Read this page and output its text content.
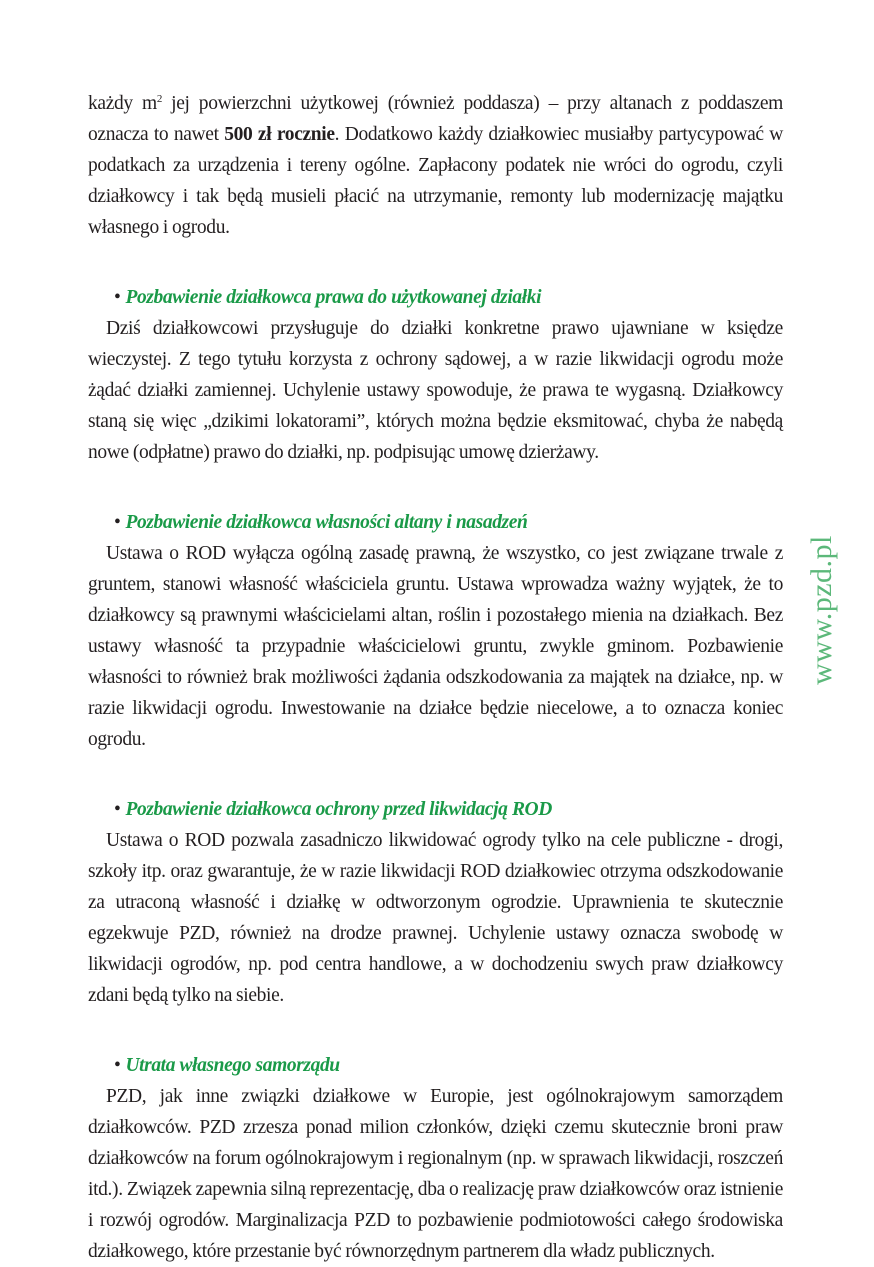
każdy $m^2$ jej powierzchni użytkowej (również poddasza) – przy altanach z poddaszem oznacza to nawet 500 zł rocznie. Dodatkowo każdy działkowiec musiałby partycypować w podatkach za urządzenia i tereny ogólne. Zapłacony podatek nie wróci do ogrodu, czyli działkowcy i tak będą musieli płacić na utrzymanie, remonty lub modernizację majątku własnego i ogrodu.

• Pozbawienie działkowca prawa do użytkowanej działki

Dziś działkowcowi przysługuje do działki konkretne prawo ujawniane w księdze wieczystej. Z tego tytułu korzysta z ochrony sądowej, a w razie likwidacji ogrodu może żądać działki zamiennej. Uchylenie ustawy spowoduje, że prawa te wygasną. Działkowcy staną się więc „dzikimi lokatorami”, których można będzie eksmitować, chyba że nabędą nowe (odpłatne) prawo do działki, np. podpisując umowę dzierżawy.

• Pozbawienie działkowca własności altany i nasadzeń

Ustawa o ROD wyłącza ogólną zasadę prawną, że wszystko, co jest związane trwale z gruntem, stanowi własność właściciela gruntu. Ustawa wprowadza ważny wyjątek, że to działkowcy są prawnymi właścicielami altan, roślin i pozostałego mienia na działkach. Bez ustawy własność ta przypadnie właścicielowi gruntu, zwykle gminom. Pozbawienie własności to również brak możliwości żądania odszkodowania za majątek na działce, np. w razie likwidacji ogrodu. Inwestowanie na działce będzie niecelowe, a to oznacza koniec ogrodu.

• Pozbawienie działkowca ochrony przed likwidacją ROD

Ustawa o ROD pozwala zasadniczo likwidować ogrody tylko na cele publiczne - drogi, szkoły itp. oraz gwarantuje, że w razie likwidacji ROD działkowiec otrzyma odszkodowanie za utraconą własność i działkę w odtworzonym ogrodzie. Uprawnienia te skutecznie egzekwuje PZD, również na drodze prawnej. Uchylenie ustawy oznacza swobodę w likwidacji ogrodów, np. pod centra handlowe, a w dochodzeniu swych praw działkowcy zdani będą tylko na siebie.

• Utrata własnego samorządu

PZD, jak inne związki działkowe w Europie, jest ogólnokrajowym samorządem działkowców. PZD zrzesza ponad milion członków, dzięki czemu skutecznie broni praw działkowców na forum ogólnokrajowym i regionalnym (np. w sprawach likwidacji, roszczeń itd.). Związek zapewnia silną reprezentację, dba o realizację praw działkowców oraz istnienie i rozwój ogrodów. Marginalizacja PZD to pozbawienie podmiotowości całego środowiska działkowego, które przestanie być równorzędnym partnerem dla władz publicznych.

www.pzd.pl
